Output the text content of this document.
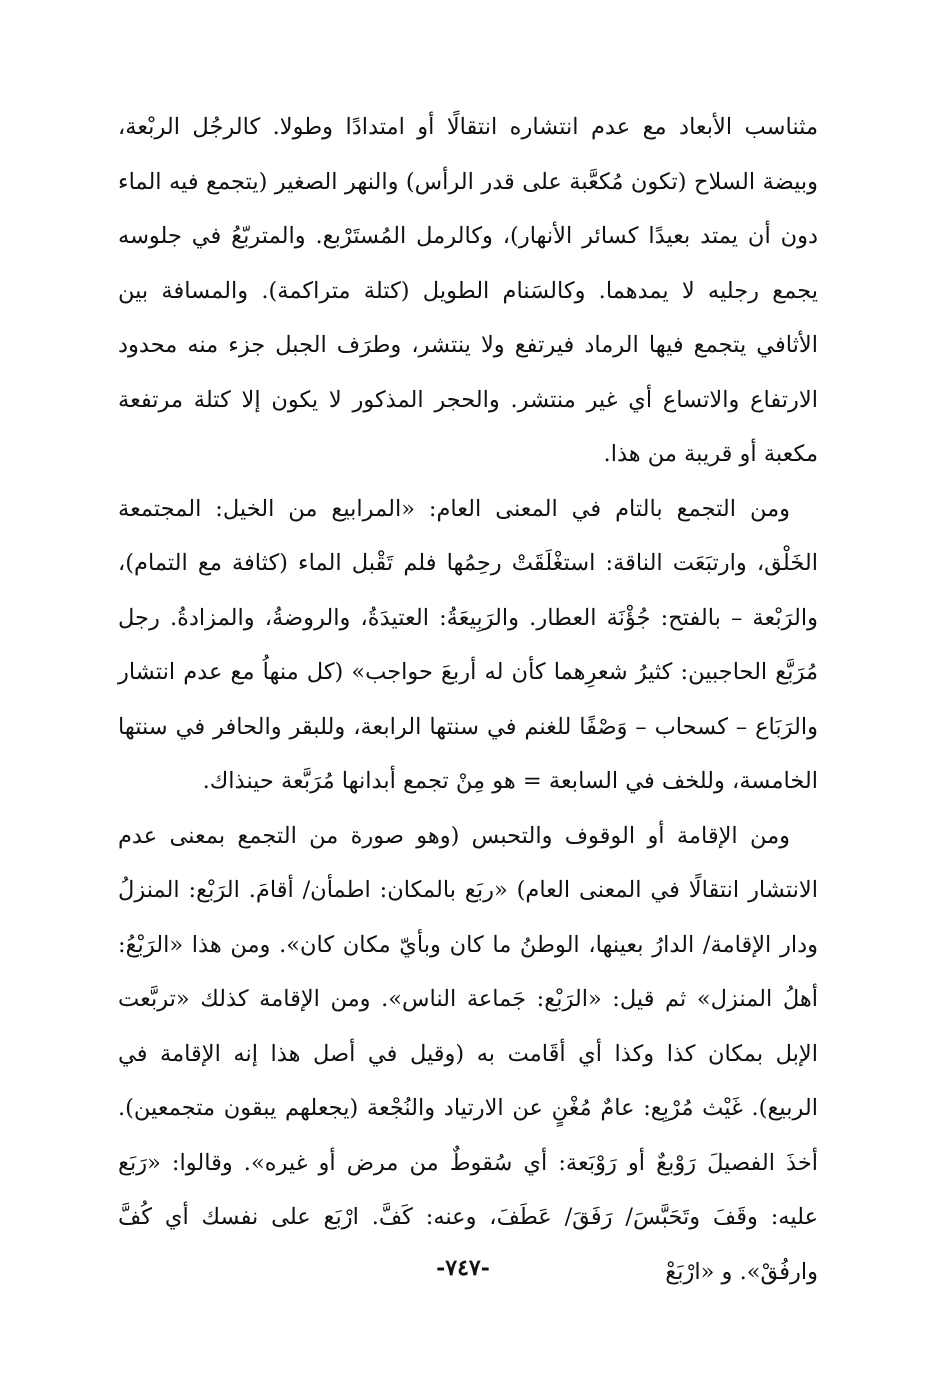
مثناسب الأبعاد مع عدم انتشاره انتقالًا أو امتدادًا وطولا. كالرجُل الربْعة، وبيضة السلاح (تكون مُكعَّبة على قدر الرأس) والنهر الصغير (يتجمع فيه الماء دون أن يمتد بعيدًا كسائر الأنهار)، وكالرمل المُستَرْبع. والمتربّعُ في جلوسه يجمع رجليه لا يمدهما. وكالسَنام الطويل (كتلة متراكمة). والمسافة بين الأثافي يتجمع فيها الرماد فيرتفع ولا ينتشر، وطرَف الجبل جزء منه محدود الارتفاع والاتساع أي غير منتشر. والحجر المذكور لا يكون إلا كتلة مرتفعة مكعبة أو قريبة من هذا.

ومن التجمع بالتام في المعنى العام: «المرابيع من الخيل: المجتمعة الخَلْق، وارتبَعَت الناقة: استغْلَقَتْ رحِمُها فلم تَقْبل الماء (كثافة مع التمام)، والرَبْعة – بالفتح: جُؤْنَة العطار. والرَبِيعَةُ: العتيدَةُ، والروضةُ، والمزادةُ. رجل مُرَبَّع الحاجبين: كثيرُ شعرِهما كأن له أربعَ حواجب» (كل منهاُ مع عدم انتشار والرَبَاع – كسحاب – وَصْفًا للغنم في سنتها الرابعة، وللبقر والحافر في سنتها الخامسة، وللخف في السابعة = هو مِنْ تجمع أبدانها مُرَبَّعة حينذاك.

ومن الإقامة أو الوقوف والتحبس (وهو صورة من التجمع بمعنى عدم الانتشار انتقالًا في المعنى العام) «ربَع بالمكان: اطمأن/ أقامَ. الرَبْع: المنزلُ ودار الإقامة/ الدارُ بعينها، الوطنُ ما كان وبأيّ مكان كان». ومن هذا «الرَبْعُ: أهلُ المنزل» ثم قيل: «الرَبْع: جَماعة الناس». ومن الإقامة كذلك «تربَّعت الإبل بمكان كذا وكذا أي أقَامت به (وقيل في أصل هذا إنه الإقامة في الربيع). غَيْث مُرْبِع: عامٌ مُغْنٍ عن الارتياد والنُجْعة (يجعلهم يبقون متجمعين). أخذَ الفصيلَ رَوْبعٌ أو رَوْبَعة: أي سُقوطٌ من مرض أو غيره». وقالوا: «رَبَع عليه: وقَفَ وتَحَبَّسَ/ رَفَقَ/ عَطَفَ، وعنه: كَفَّ. ارْبَع على نفسك أي كُفَّ وارفُقْ». و «ارْبَعْ

-٧٤٧-
